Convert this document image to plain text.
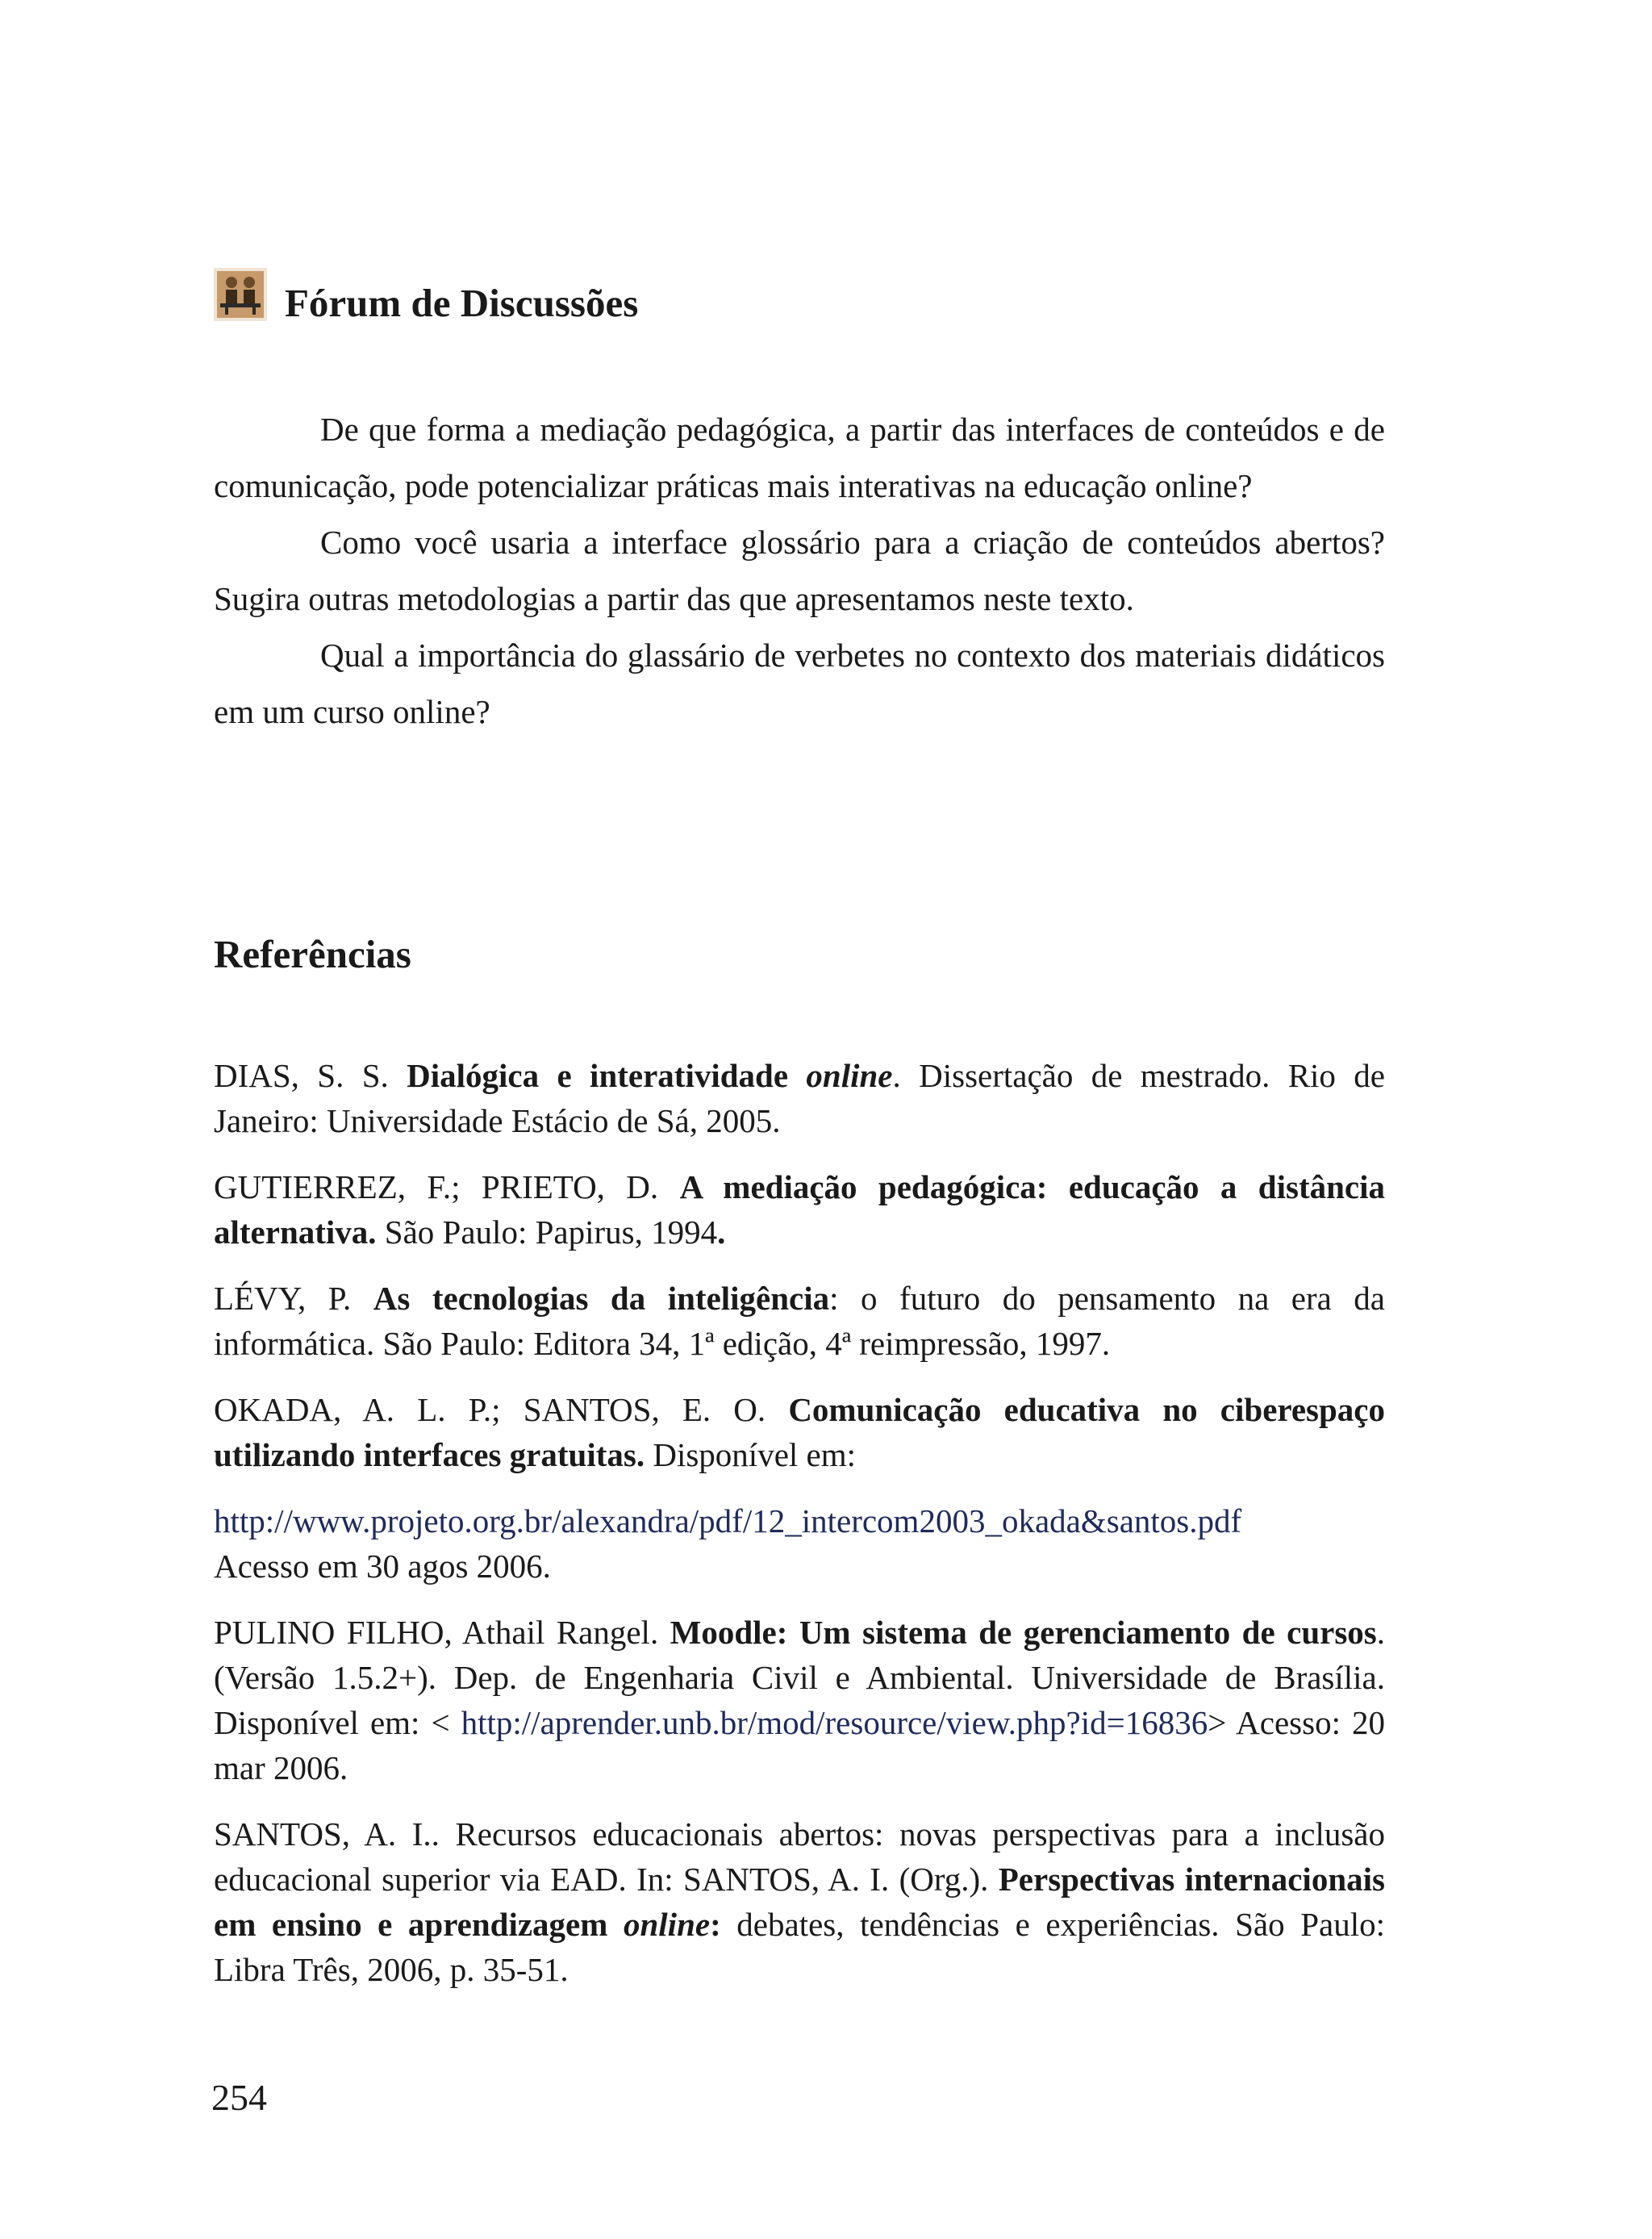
Fórum de Discussões

De que forma a mediação pedagógica, a partir das interfaces de conteúdos e de comunicação, pode potencializar práticas mais interativas na educação online?

Como você usaria a interface glossário para a criação de conteúdos abertos? Sugira outras metodologias a partir das que apresentamos neste texto.

Qual a importância do glassário de verbetes no contexto dos materiais didáticos em um curso online?

Referências

DIAS, S. S. Dialógica e interatividade online. Dissertação de mestrado. Rio de Janeiro: Universidade Estácio de Sá, 2005.

GUTIERREZ, F.; PRIETO, D. A mediação pedagógica: educação a distância alternativa. São Paulo: Papirus, 1994.

LÉVY, P. As tecnologias da inteligência: o futuro do pensamento na era da informática. São Paulo: Editora 34, 1ª edição, 4ª reimpressão, 1997.

OKADA, A. L. P.; SANTOS, E. O. Comunicação educativa no ciberespaço utilizando interfaces gratuitas. Disponível em:

http://www.projeto.org.br/alexandra/pdf/12_intercom2003_okada&santos.pdf
Acesso em 30 agos 2006.

PULINO FILHO, Athail Rangel. Moodle: Um sistema de gerenciamento de cursos. (Versão 1.5.2+). Dep. de Engenharia Civil e Ambiental. Universidade de Brasília. Disponível em: < http://aprender.unb.br/mod/resource/view.php?id=16836> Acesso: 20 mar 2006.

SANTOS, A. I.. Recursos educacionais abertos: novas perspectivas para a inclusão educacional superior via EAD. In: SANTOS, A. I. (Org.). Perspectivas internacionais em ensino e aprendizagem online: debates, tendências e experiências. São Paulo: Libra Três, 2006, p. 35-51.

254
